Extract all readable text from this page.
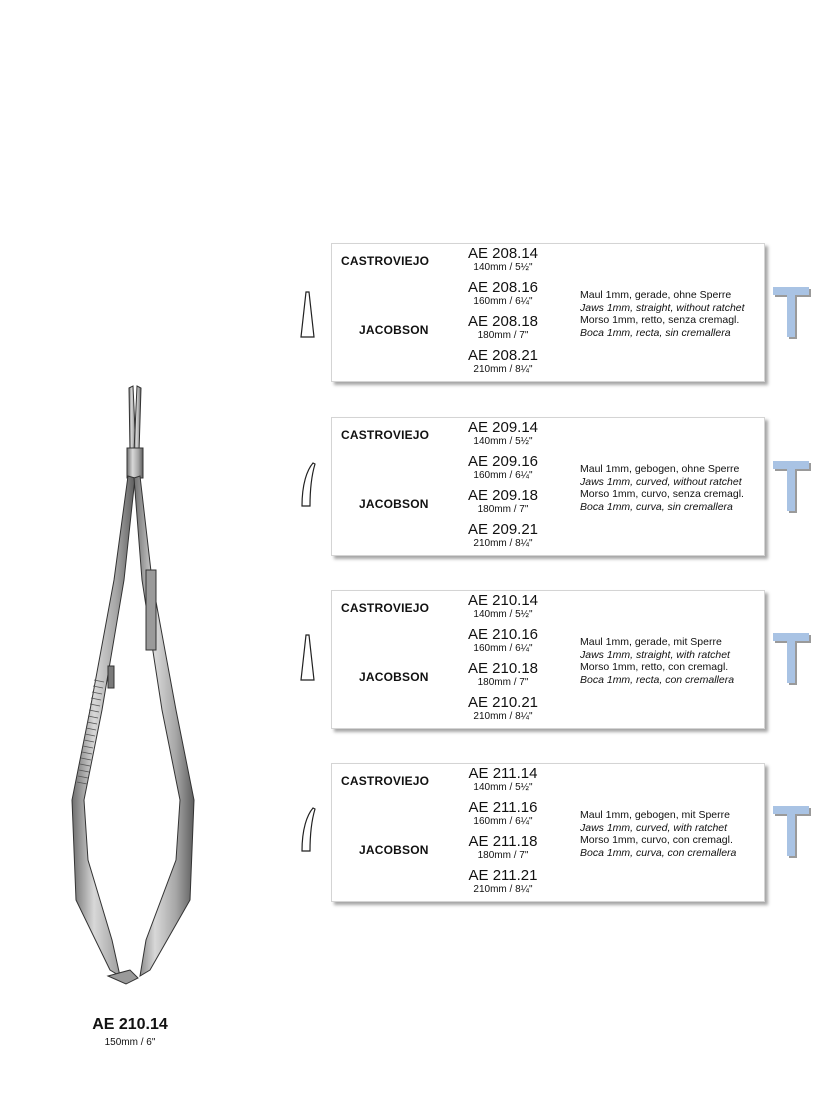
AE 210.14
150mm / 6"
CASTROVIEJO
JACOBSON
AE 208.14
140mm / 5½"
AE 208.16
160mm / 6¼"
AE 208.18
180mm / 7"
AE 208.21
210mm / 8¼"
Maul 1mm, gerade, ohne Sperre
Jaws 1mm, straight, without ratchet
Morso 1mm, retto, senza cremagl.
Boca 1mm, recta, sin cremallera
CASTROVIEJO
JACOBSON
AE 209.14
140mm / 5½"
AE 209.16
160mm / 6¼"
AE 209.18
180mm / 7"
AE 209.21
210mm / 8¼"
Maul 1mm, gebogen, ohne Sperre
Jaws 1mm, curved, without ratchet
Morso 1mm, curvo, senza cremagl.
Boca 1mm, curva, sin cremallera
CASTROVIEJO
JACOBSON
AE 210.14
140mm / 5½"
AE 210.16
160mm / 6¼"
AE 210.18
180mm / 7"
AE 210.21
210mm / 8¼"
Maul 1mm, gerade, mit Sperre
Jaws 1mm, straight, with ratchet
Morso 1mm, retto, con cremagl.
Boca 1mm, recta, con cremallera
CASTROVIEJO
JACOBSON
AE 211.14
140mm / 5½"
AE 211.16
160mm / 6¼"
AE 211.18
180mm / 7"
AE 211.21
210mm / 8¼"
Maul 1mm, gebogen, mit Sperre
Jaws 1mm, curved, with ratchet
Morso 1mm, curvo, con cremagl.
Boca 1mm, curva, con cremallera
